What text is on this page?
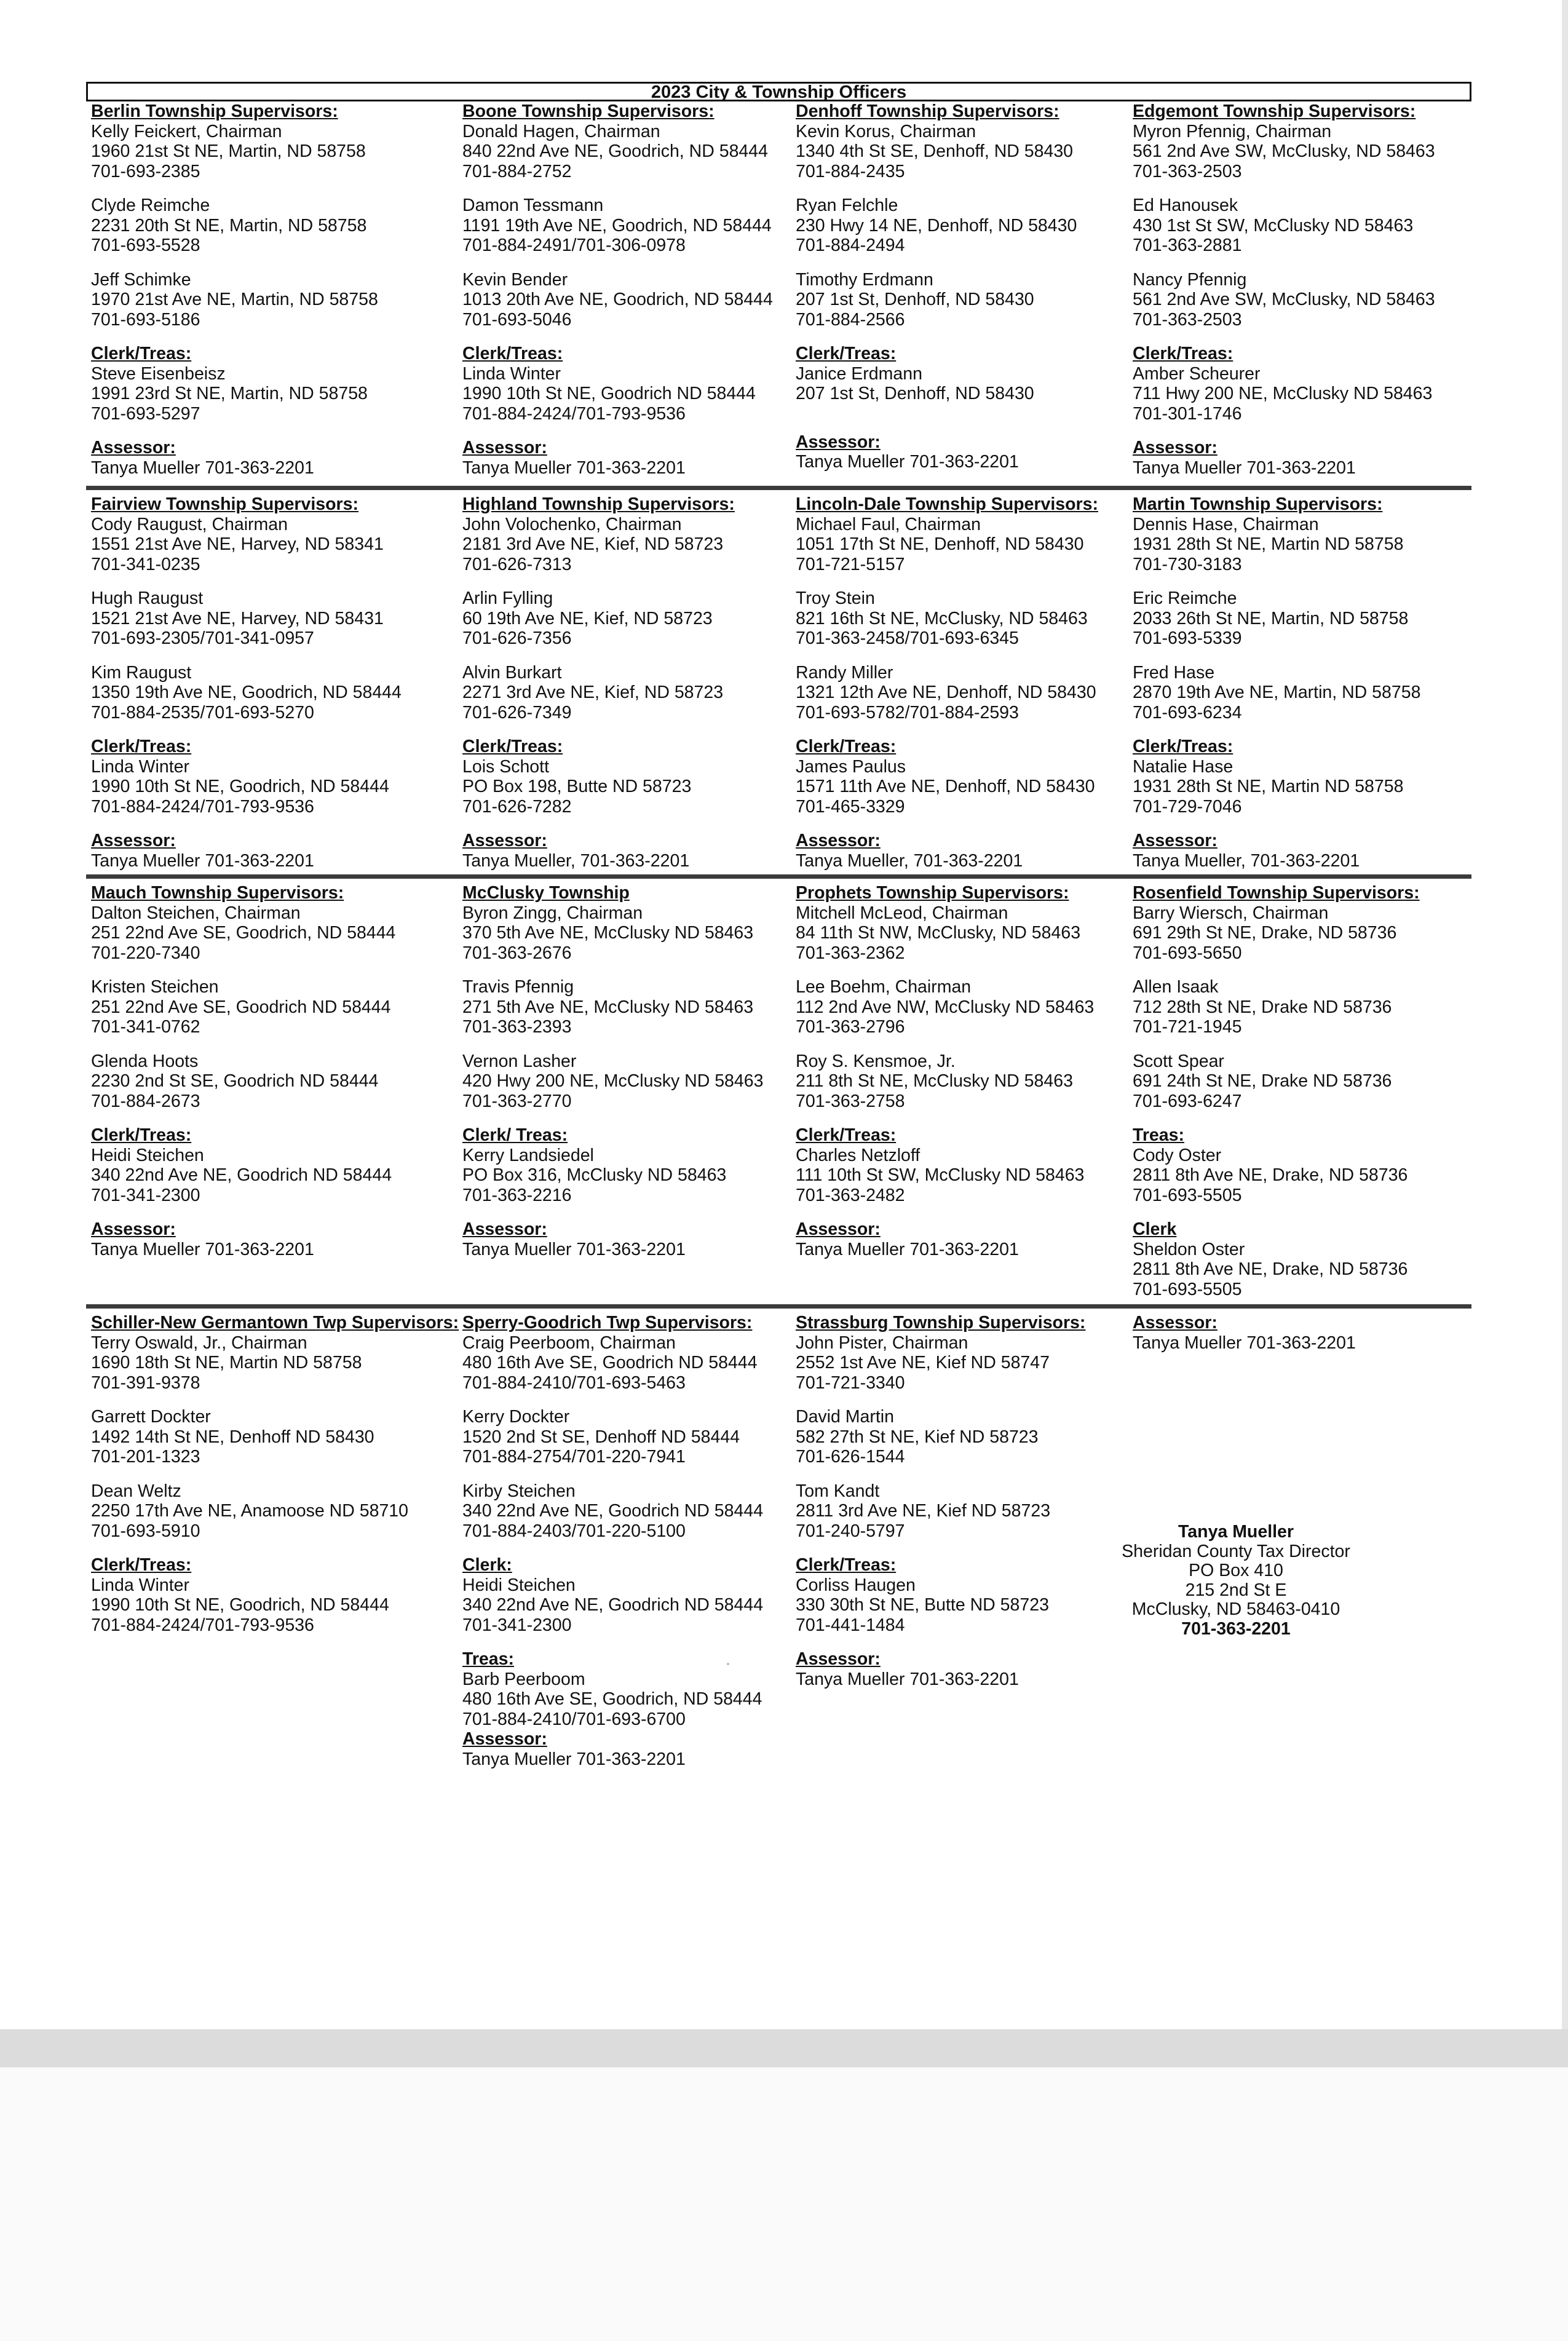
2023 City & Township Officers
Berlin Township Supervisors:
Kelly Feickert, Chairman
1960 21st St NE, Martin, ND 58758
701-693-2385
Clyde Reimche
2231 20th St NE, Martin, ND 58758
701-693-5528
Jeff Schimke
1970 21st Ave NE, Martin, ND 58758
701-693-5186
Clerk/Treas:
Steve Eisenbeisz
1991 23rd St NE, Martin, ND 58758
701-693-5297
Assessor:
Tanya Mueller 701-363-2201
Boone Township Supervisors:
Donald Hagen, Chairman
840 22nd Ave NE, Goodrich, ND 58444
701-884-2752
Damon Tessmann
1191 19th Ave NE, Goodrich, ND 58444
701-884-2491/701-306-0978
Kevin Bender
1013 20th Ave NE, Goodrich, ND 58444
701-693-5046
Clerk/Treas:
Linda Winter
1990 10th St NE, Goodrich ND 58444
701-884-2424/701-793-9536
Assessor:
Tanya Mueller 701-363-2201
Denhoff Township Supervisors:
Kevin Korus, Chairman
1340 4th St SE, Denhoff, ND 58430
701-884-2435
Ryan Felchle
230 Hwy 14 NE, Denhoff, ND 58430
701-884-2494
Timothy Erdmann
207 1st St, Denhoff, ND 58430
701-884-2566
Clerk/Treas:
Janice Erdmann
207 1st St, Denhoff, ND 58430
Assessor:
Tanya Mueller 701-363-2201
Edgemont Township Supervisors:
Myron Pfennig, Chairman
561 2nd Ave SW, McClusky, ND 58463
701-363-2503
Ed Hanousek
430 1st St SW, McClusky ND 58463
701-363-2881
Nancy Pfennig
561 2nd Ave SW, McClusky, ND 58463
701-363-2503
Clerk/Treas:
Amber Scheurer
711 Hwy 200 NE, McClusky ND 58463
701-301-1746
Assessor:
Tanya Mueller 701-363-2201
Fairview Township Supervisors:
Cody Raugust, Chairman
1551 21st Ave NE, Harvey, ND 58341
701-341-0235
Hugh Raugust
1521 21st Ave NE, Harvey, ND 58431
701-693-2305/701-341-0957
Kim Raugust
1350 19th Ave NE, Goodrich, ND 58444
701-884-2535/701-693-5270
Clerk/Treas:
Linda Winter
1990 10th St NE, Goodrich, ND 58444
701-884-2424/701-793-9536
Assessor:
Tanya Mueller 701-363-2201
Highland Township Supervisors:
John Volochenko, Chairman
2181 3rd Ave NE, Kief, ND 58723
701-626-7313
Arlin Fylling
60 19th Ave NE, Kief, ND 58723
701-626-7356
Alvin Burkart
2271 3rd Ave NE, Kief, ND 58723
701-626-7349
Clerk/Treas:
Lois Schott
PO Box 198, Butte ND 58723
701-626-7282
Assessor:
Tanya Mueller, 701-363-2201
Lincoln-Dale Township Supervisors:
Michael Faul, Chairman
1051 17th St NE, Denhoff, ND 58430
701-721-5157
Troy Stein
821 16th St NE, McClusky, ND 58463
701-363-2458/701-693-6345
Randy Miller
1321 12th Ave NE, Denhoff, ND 58430
701-693-5782/701-884-2593
Clerk/Treas:
James Paulus
1571 11th Ave NE, Denhoff, ND 58430
701-465-3329
Assessor:
Tanya Mueller, 701-363-2201
Martin Township Supervisors:
Dennis Hase, Chairman
1931 28th St NE, Martin ND 58758
701-730-3183
Eric Reimche
2033 26th St NE, Martin, ND 58758
701-693-5339
Fred Hase
2870 19th Ave NE, Martin, ND 58758
701-693-6234
Clerk/Treas:
Natalie Hase
1931 28th St NE, Martin ND 58758
701-729-7046
Assessor:
Tanya Mueller, 701-363-2201
Mauch Township Supervisors:
Dalton Steichen, Chairman
251 22nd Ave SE, Goodrich, ND 58444
701-220-7340
Kristen Steichen
251 22nd Ave SE, Goodrich ND 58444
701-341-0762
Glenda Hoots
2230 2nd St SE, Goodrich ND 58444
701-884-2673
Clerk/Treas:
Heidi Steichen
340 22nd Ave NE, Goodrich ND 58444
701-341-2300
Assessor:
Tanya Mueller 701-363-2201
McClusky Township
Byron Zingg, Chairman
370 5th Ave NE, McClusky ND 58463
701-363-2676
Travis Pfennig
271 5th Ave NE, McClusky ND 58463
701-363-2393
Vernon Lasher
420 Hwy 200 NE, McClusky ND 58463
701-363-2770
Clerk/ Treas:
Kerry Landsiedel
PO Box 316, McClusky ND 58463
701-363-2216
Assessor:
Tanya Mueller 701-363-2201
Prophets Township Supervisors:
Mitchell McLeod, Chairman
84 11th St NW, McClusky, ND 58463
701-363-2362
Lee Boehm, Chairman
112 2nd Ave NW, McClusky ND 58463
701-363-2796
Roy S. Kensmoe, Jr.
211 8th St NE, McClusky ND 58463
701-363-2758
Clerk/Treas:
Charles Netzloff
111 10th St SW, McClusky ND 58463
701-363-2482
Assessor:
Tanya Mueller 701-363-2201
Rosenfield Township Supervisors:
Barry Wiersch, Chairman
691 29th St NE, Drake, ND 58736
701-693-5650
Allen Isaak
712 28th St NE, Drake ND 58736
701-721-1945
Scott Spear
691 24th St NE, Drake ND 58736
701-693-6247
Treas:
Cody Oster
2811 8th Ave NE, Drake, ND 58736
701-693-5505
Clerk
Sheldon Oster
2811 8th Ave NE, Drake, ND 58736
701-693-5505
Schiller-New Germantown Twp Supervisors:
Terry Oswald, Jr., Chairman
1690 18th St NE, Martin ND 58758
701-391-9378
Garrett Dockter
1492 14th St NE, Denhoff ND 58430
701-201-1323
Dean Weltz
2250 17th Ave NE, Anamoose ND 58710
701-693-5910
Clerk/Treas:
Linda Winter
1990 10th St NE, Goodrich, ND 58444
701-884-2424/701-793-9536
Sperry-Goodrich Twp Supervisors:
Craig Peerboom, Chairman
480 16th Ave SE, Goodrich ND 58444
701-884-2410/701-693-5463
Kerry Dockter
1520 2nd St SE, Denhoff ND 58444
701-884-2754/701-220-7941
Kirby Steichen
340 22nd Ave NE, Goodrich ND 58444
701-884-2403/701-220-5100
Clerk:
Heidi Steichen
340 22nd Ave NE, Goodrich ND 58444
701-341-2300
Treas:
Barb Peerboom
480 16th Ave SE, Goodrich, ND 58444
701-884-2410/701-693-6700
Assessor:
Tanya Mueller 701-363-2201
Strassburg Township Supervisors:
John Pister, Chairman
2552 1st Ave NE, Kief ND 58747
701-721-3340
David Martin
582 27th St NE, Kief ND 58723
701-626-1544
Tom Kandt
2811 3rd Ave NE, Kief ND 58723
701-240-5797
Clerk/Treas:
Corliss Haugen
330 30th St NE, Butte ND 58723
701-441-1484
Assessor:
Tanya Mueller 701-363-2201
Assessor:
Tanya Mueller 701-363-2201
Tanya Mueller
Sheridan County Tax Director
PO Box 410
215 2nd St E
McClusky, ND 58463-0410
701-363-2201
